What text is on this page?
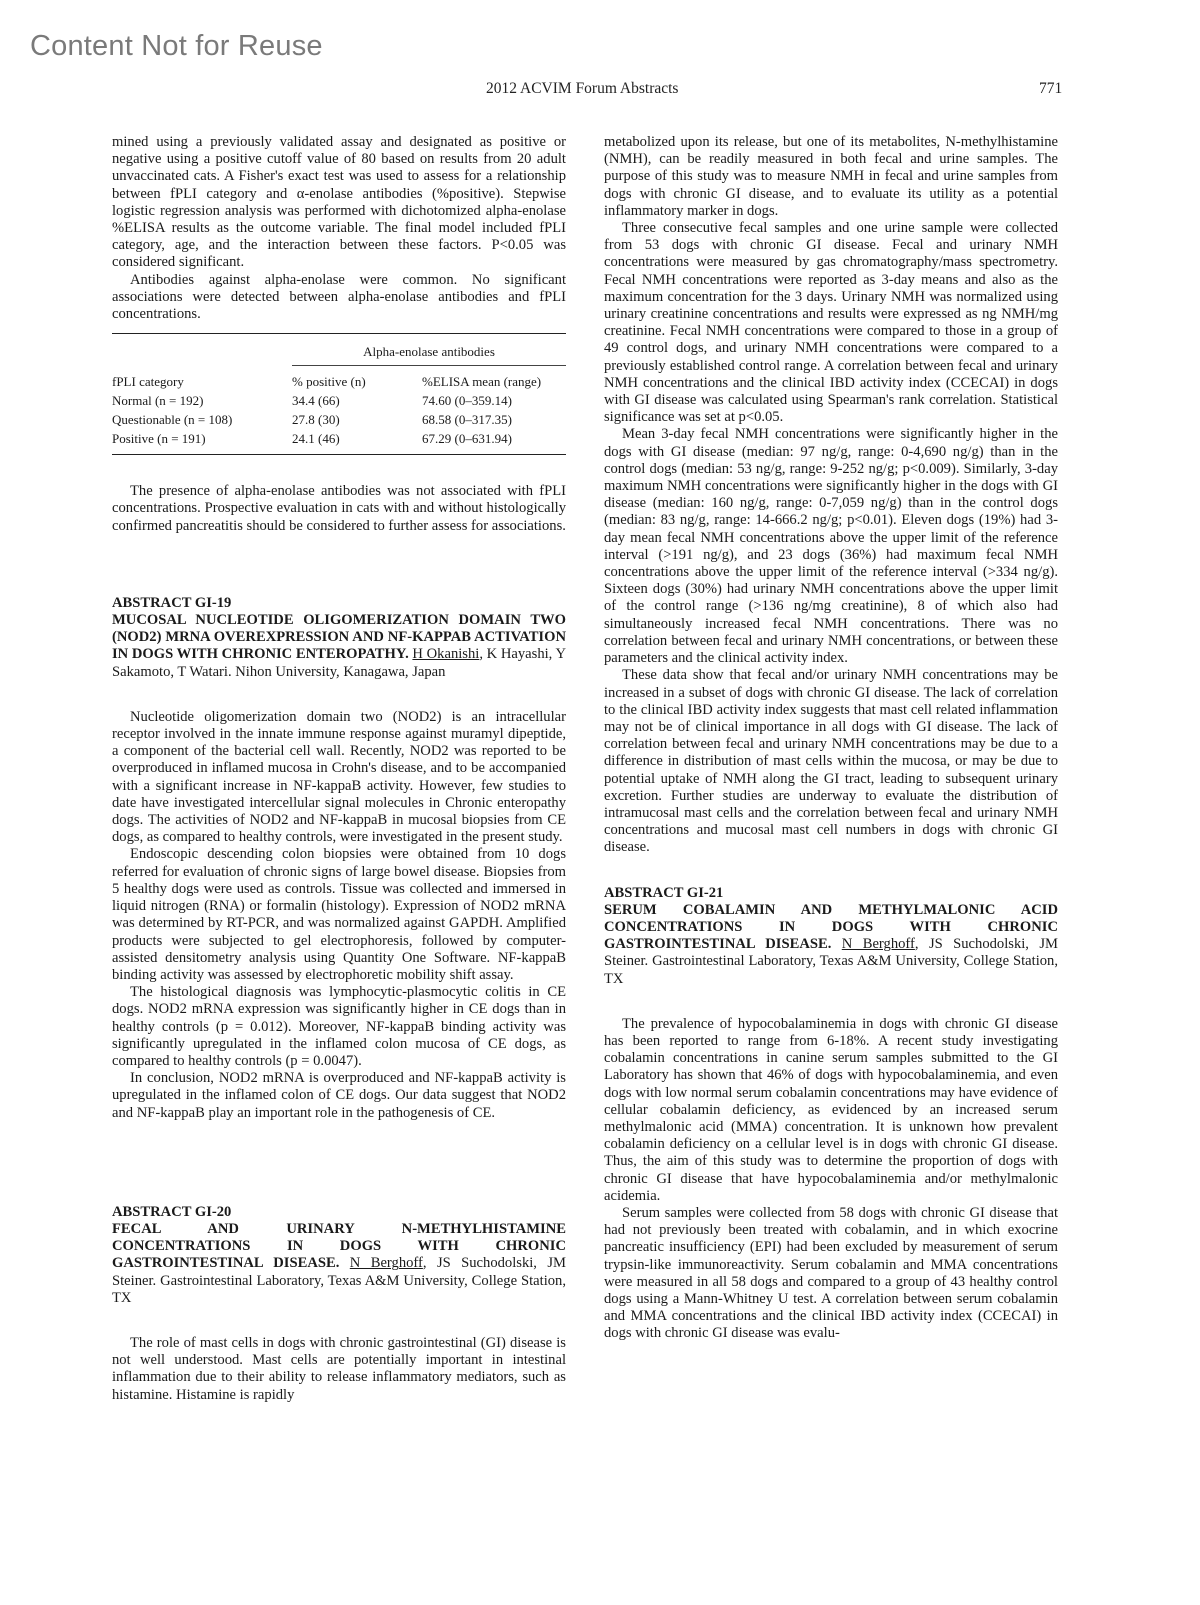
Content Not for Reuse
2012 ACVIM Forum Abstracts	771

mined using a previously validated assay and designated as positive or negative using a positive cutoff value of 80 based on results from 20 adult unvaccinated cats. A Fisher's exact test was used to assess for a relationship between fPLI category and α-enolase antibodies (%positive). Stepwise logistic regression analysis was performed with dichotomized alpha-enolase %ELISA results as the outcome variable. The final model included fPLI category, age, and the interaction between these factors. P<0.05 was considered significant.

Antibodies against alpha-enolase were common. No significant associations were detected between alpha-enolase antibodies and fPLI concentrations.

	Alpha-enolase antibodies	
fPLI category	% positive (n)	%ELISA mean (range)
Normal (n = 192)	34.4 (66)	74.60 (0–359.14)
Questionable (n = 108)	27.8 (30)	68.58 (0–317.35)
Positive (n = 191)	24.1 (46)	67.29 (0–631.94)

The presence of alpha-enolase antibodies was not associated with fPLI concentrations. Prospective evaluation in cats with and without histologically confirmed pancreatitis should be considered to further assess for associations.

ABSTRACT GI-19

MUCOSAL NUCLEOTIDE OLIGOMERIZATION DOMAIN TWO (NOD2) MRNA OVEREXPRESSION AND NF-KAPPAB ACTIVATION IN DOGS WITH CHRONIC ENTEROPATHY. H Okanishi, K Hayashi, Y Sakamoto, T Watari. Nihon University, Kanagawa, Japan

Nucleotide oligomerization domain two (NOD2) is an intracellular receptor involved in the innate immune response against muramyl dipeptide, a component of the bacterial cell wall. Recently, NOD2 was reported to be overproduced in inflamed mucosa in Crohn's disease, and to be accompanied with a significant increase in NF-kappaB activity. However, few studies to date have investigated intercellular signal molecules in Chronic enteropathy dogs. The activities of NOD2 and NF-kappaB in mucosal biopsies from CE dogs, as compared to healthy controls, were investigated in the present study.

Endoscopic descending colon biopsies were obtained from 10 dogs referred for evaluation of chronic signs of large bowel disease. Biopsies from 5 healthy dogs were used as controls. Tissue was collected and immersed in liquid nitrogen (RNA) or formalin (histology). Expression of NOD2 mRNA was determined by RT-PCR, and was normalized against GAPDH. Amplified products were subjected to gel electrophoresis, followed by computer-assisted densitometry analysis using Quantity One Software. NF-kappaB binding activity was assessed by electrophoretic mobility shift assay.

The histological diagnosis was lymphocytic-plasmocytic colitis in CE dogs. NOD2 mRNA expression was significantly higher in CE dogs than in healthy controls (p = 0.012). Moreover, NF-kappaB binding activity was significantly upregulated in the inflamed colon mucosa of CE dogs, as compared to healthy controls (p = 0.0047).

In conclusion, NOD2 mRNA is overproduced and NF-kappaB activity is upregulated in the inflamed colon of CE dogs. Our data suggest that NOD2 and NF-kappaB play an important role in the pathogenesis of CE.

ABSTRACT GI-20

FECAL AND URINARY N-METHYLHISTAMINE CONCENTRATIONS IN DOGS WITH CHRONIC GASTROINTESTINAL DISEASE. N Berghoff, JS Suchodolski, JM Steiner. Gastrointestinal Laboratory, Texas A&M University, College Station, TX

The role of mast cells in dogs with chronic gastrointestinal (GI) disease is not well understood. Mast cells are potentially important in intestinal inflammation due to their ability to release inflammatory mediators, such as histamine. Histamine is rapidly

metabolized upon its release, but one of its metabolites, N-methylhistamine (NMH), can be readily measured in both fecal and urine samples. The purpose of this study was to measure NMH in fecal and urine samples from dogs with chronic GI disease, and to evaluate its utility as a potential inflammatory marker in dogs.

Three consecutive fecal samples and one urine sample were collected from 53 dogs with chronic GI disease. Fecal and urinary NMH concentrations were measured by gas chromatography/mass spectrometry. Fecal NMH concentrations were reported as 3-day means and also as the maximum concentration for the 3 days. Urinary NMH was normalized using urinary creatinine concentrations and results were expressed as ng NMH/mg creatinine. Fecal NMH concentrations were compared to those in a group of 49 control dogs, and urinary NMH concentrations were compared to a previously established control range. A correlation between fecal and urinary NMH concentrations and the clinical IBD activity index (CCECAI) in dogs with GI disease was calculated using Spearman's rank correlation. Statistical significance was set at p<0.05.

Mean 3-day fecal NMH concentrations were significantly higher in the dogs with GI disease (median: 97 ng/g, range: 0-4,690 ng/g) than in the control dogs (median: 53 ng/g, range: 9-252 ng/g; p<0.009). Similarly, 3-day maximum NMH concentrations were significantly higher in the dogs with GI disease (median: 160 ng/g, range: 0-7,059 ng/g) than in the control dogs (median: 83 ng/g, range: 14-666.2 ng/g; p<0.01). Eleven dogs (19%) had 3-day mean fecal NMH concentrations above the upper limit of the reference interval (>191 ng/g), and 23 dogs (36%) had maximum fecal NMH concentrations above the upper limit of the reference interval (>334 ng/g). Sixteen dogs (30%) had urinary NMH concentrations above the upper limit of the control range (>136 ng/mg creatinine), 8 of which also had simultaneously increased fecal NMH concentrations. There was no correlation between fecal and urinary NMH concentrations, or between these parameters and the clinical activity index.

These data show that fecal and/or urinary NMH concentrations may be increased in a subset of dogs with chronic GI disease. The lack of correlation to the clinical IBD activity index suggests that mast cell related inflammation may not be of clinical importance in all dogs with GI disease. The lack of correlation between fecal and urinary NMH concentrations may be due to a difference in distribution of mast cells within the mucosa, or may be due to potential uptake of NMH along the GI tract, leading to subsequent urinary excretion. Further studies are underway to evaluate the distribution of intramucosal mast cells and the correlation between fecal and urinary NMH concentrations and mucosal mast cell numbers in dogs with chronic GI disease.

ABSTRACT GI-21

SERUM COBALAMIN AND METHYLMALONIC ACID CONCENTRATIONS IN DOGS WITH CHRONIC GASTROINTESTINAL DISEASE. N Berghoff, JS Suchodolski, JM Steiner. Gastrointestinal Laboratory, Texas A&M University, College Station, TX

The prevalence of hypocobalaminemia in dogs with chronic GI disease has been reported to range from 6-18%. A recent study investigating cobalamin concentrations in canine serum samples submitted to the GI Laboratory has shown that 46% of dogs with hypocobalaminemia, and even dogs with low normal serum cobalamin concentrations may have evidence of cellular cobalamin deficiency, as evidenced by an increased serum methylmalonic acid (MMA) concentration. It is unknown how prevalent cobalamin deficiency on a cellular level is in dogs with chronic GI disease. Thus, the aim of this study was to determine the proportion of dogs with chronic GI disease that have hypocobalaminemia and/or methylmalonic acidemia.

Serum samples were collected from 58 dogs with chronic GI disease that had not previously been treated with cobalamin, and in which exocrine pancreatic insufficiency (EPI) had been excluded by measurement of serum trypsin-like immunoreactivity. Serum cobalamin and MMA concentrations were measured in all 58 dogs and compared to a group of 43 healthy control dogs using a Mann-Whitney U test. A correlation between serum cobalamin and MMA concentrations and the clinical IBD activity index (CCECAI) in dogs with chronic GI disease was evalu-
